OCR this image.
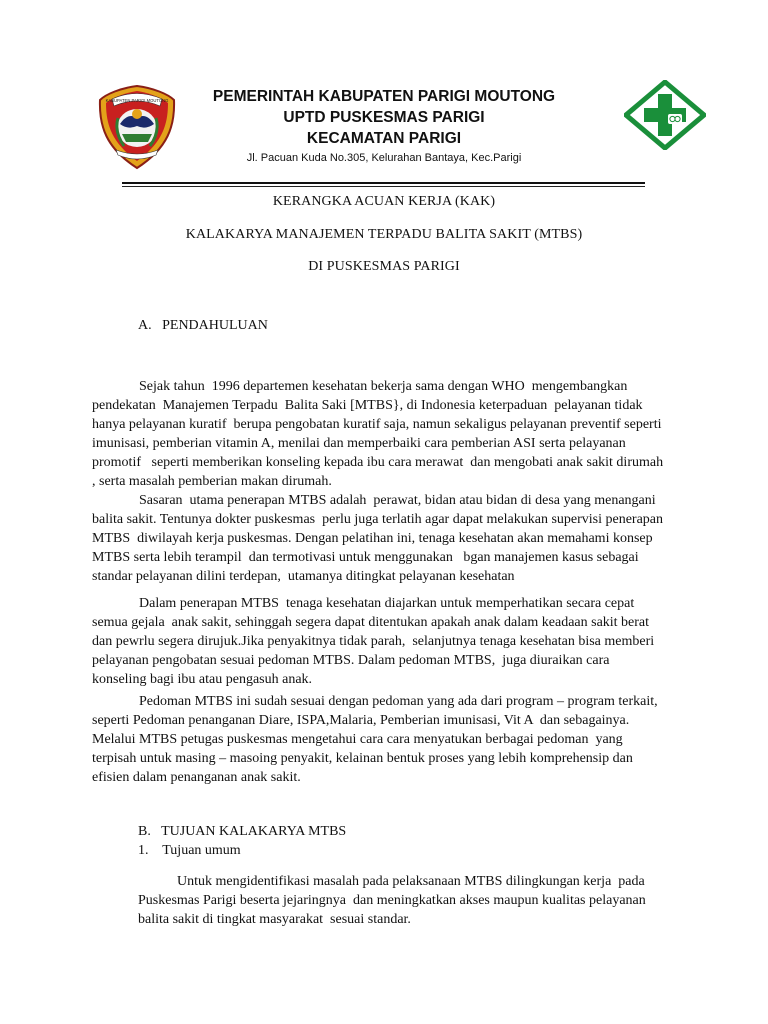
KABUPATEN PARIGI MOUTONG	PEMERINTAH KABUPATEN PARIGI MOUTONG
UPTD PUSKESMAS PARIGI
KECAMATAN PARIGI
Jl. Pacuan Kuda No.305, Kelurahan Bantaya, Kec.Parigi
KERANGKA ACUAN KERJA (KAK)
KALAKARYA MANAJEMEN TERPADU BALITA SAKIT (MTBS)
DI PUSKESMAS PARIGI
A.   PENDAHULUAN
Sejak tahun  1996 departemen kesehatan bekerja sama dengan WHO  mengembangkan
pendekatan  Manajemen Terpadu  Balita Saki [MTBS}, di Indonesia keterpaduan  pelayanan tidak
hanya pelayanan kuratif  berupa pengobatan kuratif saja, namun sekaligus pelayanan preventif seperti
imunisasi, pemberian vitamin A, menilai dan memperbaiki cara pemberian ASI serta pelayanan
promotif   seperti memberikan konseling kepada ibu cara merawat  dan mengobati anak sakit dirumah
, serta masalah pemberian makan dirumah.
Sasaran  utama penerapan MTBS adalah  perawat, bidan atau bidan di desa yang menangani
balita sakit. Tentunya dokter puskesmas  perlu juga terlatih agar dapat melakukan supervisi penerapan
MTBS  diwilayah kerja puskesmas. Dengan pelatihan ini, tenaga kesehatan akan memahami konsep
MTBS serta lebih terampil  dan termotivasi untuk menggunakan   bgan manajemen kasus sebagai
standar pelayanan dilini terdepan,  utamanya ditingkat pelayanan kesehatan
Dalam penerapan MTBS  tenaga kesehatan diajarkan untuk memperhatikan secara cepat
semua gejala  anak sakit, sehinggah segera dapat ditentukan apakah anak dalam keadaan sakit berat
dan pewrlu segera dirujuk.Jika penyakitnya tidak parah,  selanjutnya tenaga kesehatan bisa memberi
pelayanan pengobatan sesuai pedoman MTBS. Dalam pedoman MTBS,  juga diuraikan cara
konseling bagi ibu atau pengasuh anak.
Pedoman MTBS ini sudah sesuai dengan pedoman yang ada dari program – program terkait,
seperti Pedoman penanganan Diare, ISPA,Malaria, Pemberian imunisasi, Vit A  dan sebagainya.
Melalui MTBS petugas puskesmas mengetahui cara cara menyatukan berbagai pedoman  yang
terpisah untuk masing – masoing penyakit, kelainan bentuk proses yang lebih komprehensip dan
efisien dalam penanganan anak sakit.
B.   TUJUAN KALAKARYA MTBS
1.    Tujuan umum
Untuk mengidentifikasi masalah pada pelaksanaan MTBS dilingkungan kerja  pada
Puskesmas Parigi beserta jejaringnya  dan meningkatkan akses maupun kualitas pelayanan
balita sakit di tingkat masyarakat  sesuai standar.
